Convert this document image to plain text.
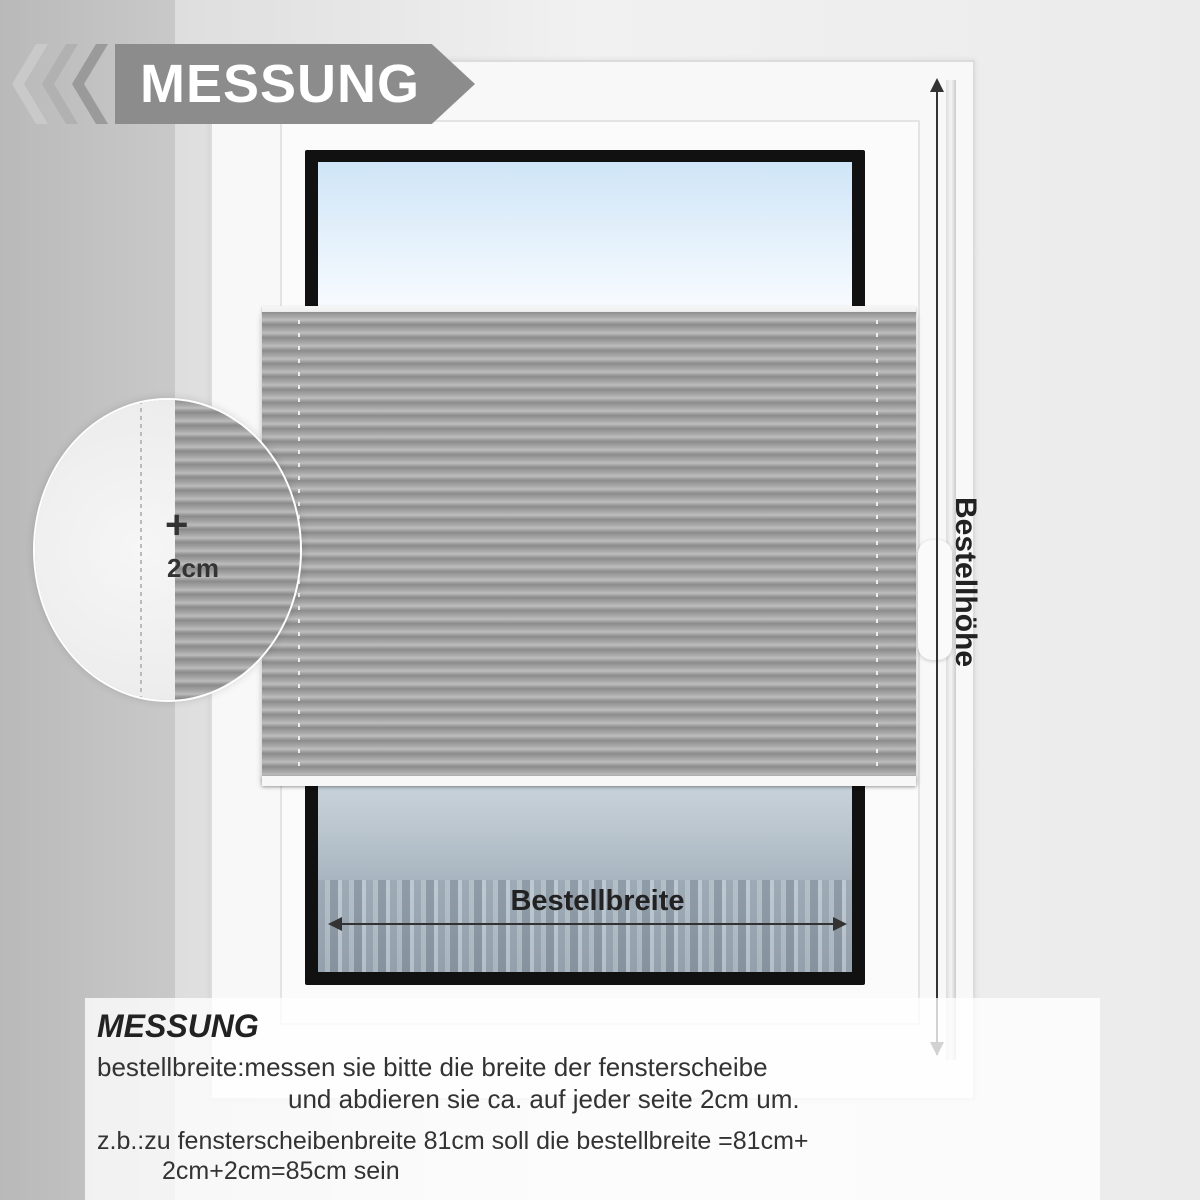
MESSUNG
+
2cm	Bestellhöhe
Bestellbreite
MESSUNG
bestellbreite:messen sie bitte die breite der fensterscheibe
und abdieren sie ca. auf jeder seite 2cm um.
z.b.:zu fensterscheibenbreite 81cm soll die bestellbreite =81cm+
2cm+2cm=85cm sein
